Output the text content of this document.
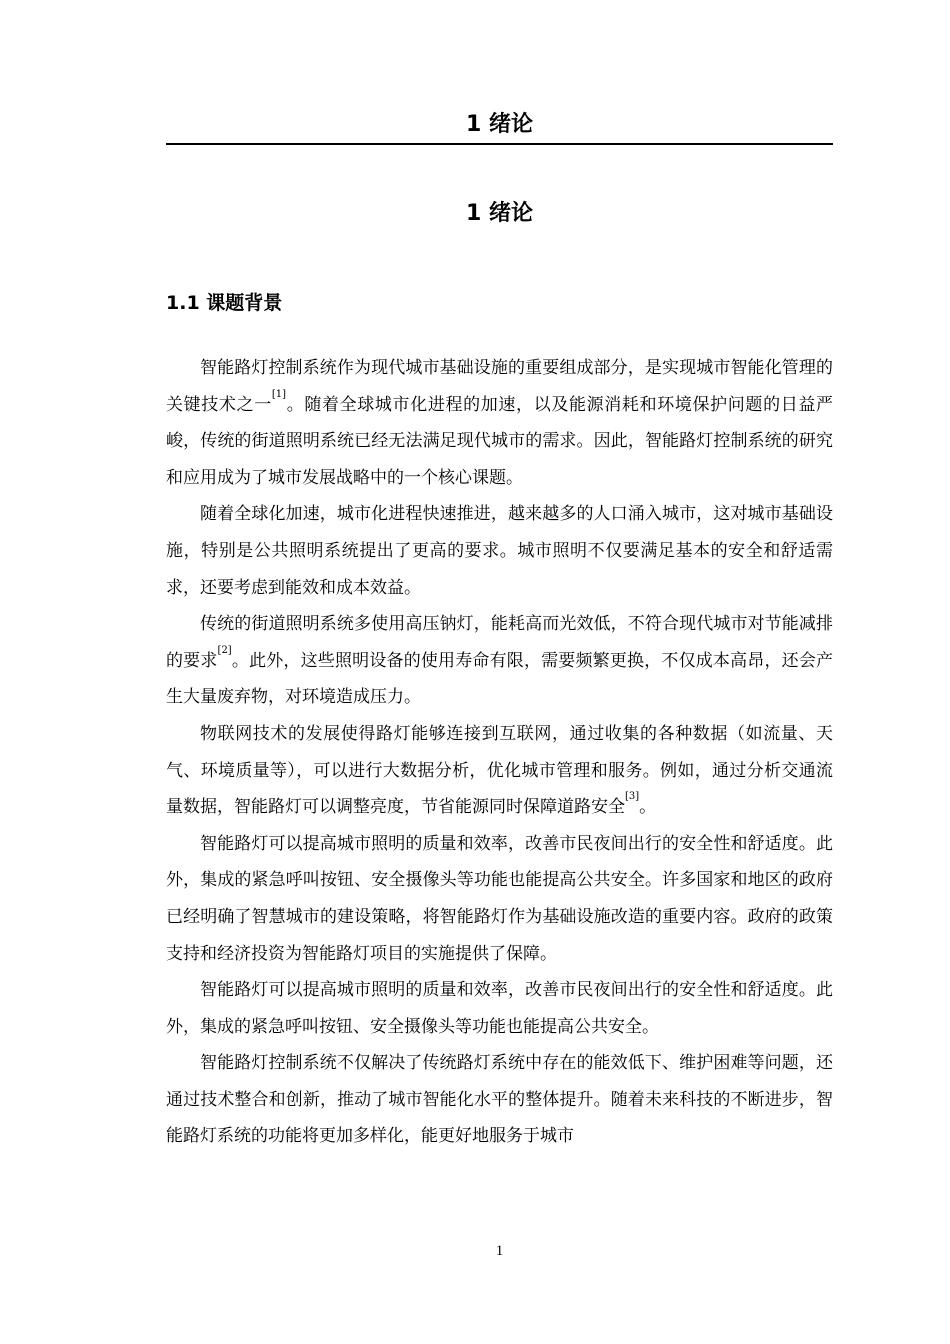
1 绪论
1 绪论
1.1 课题背景

智能路灯控制系统作为现代城市基础设施的重要组成部分，是实现城市智能化管理的关键技术之一[1]。随着全球城市化进程的加速，以及能源消耗和环境保护问题的日益严峻，传统的街道照明系统已经无法满足现代城市的需求。因此，智能路灯控制系统的研究和应用成为了城市发展战略中的一个核心课题。

随着全球化加速，城市化进程快速推进，越来越多的人口涌入城市，这对城市基础设施，特别是公共照明系统提出了更高的要求。城市照明不仅要满足基本的安全和舒适需求，还要考虑到能效和成本效益。

传统的街道照明系统多使用高压钠灯，能耗高而光效低，不符合现代城市对节能减排的要求[2]。此外，这些照明设备的使用寿命有限，需要频繁更换，不仅成本高昂，还会产生大量废弃物，对环境造成压力。

物联网技术的发展使得路灯能够连接到互联网，通过收集的各种数据（如流量、天气、环境质量等），可以进行大数据分析，优化城市管理和服务。例如，通过分析交通流量数据，智能路灯可以调整亮度，节省能源同时保障道路安全[3]。

智能路灯可以提高城市照明的质量和效率，改善市民夜间出行的安全性和舒适度。此外，集成的紧急呼叫按钮、安全摄像头等功能也能提高公共安全。许多国家和地区的政府已经明确了智慧城市的建设策略，将智能路灯作为基础设施改造的重要内容。政府的政策支持和经济投资为智能路灯项目的实施提供了保障。

智能路灯可以提高城市照明的质量和效率，改善市民夜间出行的安全性和舒适度。此外，集成的紧急呼叫按钮、安全摄像头等功能也能提高公共安全。

智能路灯控制系统不仅解决了传统路灯系统中存在的能效低下、维护困难等问题，还通过技术整合和创新，推动了城市智能化水平的整体提升。随着未来科技的不断进步，智能路灯系统的功能将更加多样化，能更好地服务于城市

1
